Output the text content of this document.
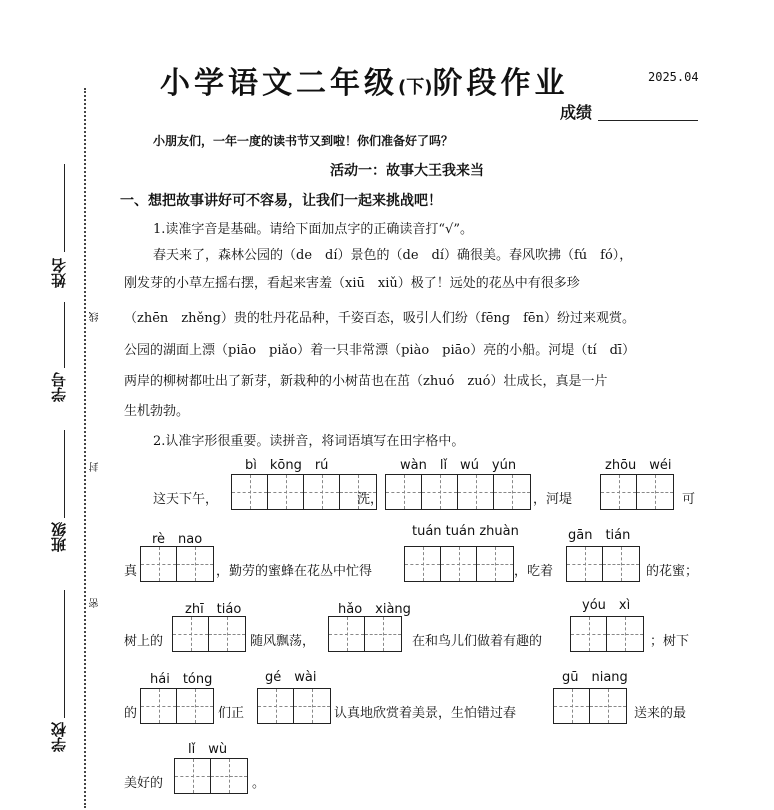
姓名
学号
班级
学校
线
封
密
小学语文二年级(下)阶段作业	2025.04
成绩
小朋友们，一年一度的读书节又到啦！你们准备好了吗？
活动一：故事大王我来当
一、想把故事讲好可不容易，让我们一起来挑战吧！
1.读准字音是基础。请给下面加点字的正确读音打“√”。
春天来了，森林公园的（de　dí）景色的（de　dí）确很美。春风吹拂（fú　fó），
刚发芽的小草左摇右摆，看起来害羞（xiū　xiǔ）极了！远处的花丛中有很多珍
（zhēn　zhěng）贵的牡丹花品种，千姿百态，吸引人们纷（fēng　fēn）纷过来观赏。
公园的湖面上漂（piāo　piǎo）着一只非常漂（piào　piāo）亮的小船。河堤（tí　dī）
两岸的柳树都吐出了新芽，新栽种的小树苗也在茁（zhuó　zuó）壮成长，真是一片
生机勃勃。
2.认准字形很重要。读拼音，将词语填写在田字格中。
bì　kōng　rú	wàn　lǐ　wú　yún	zhōu　wéi
这天下午，	洗，	，河堤	可
rè　nao
tuán tuán zhuàn	gān　tián
真	，勤劳的蜜蜂在花丛中忙得	，吃着	的花蜜；
zhī　tiáo	hǎo　xiàng	yóu　xì
树上的	随风飘荡，	在和鸟儿们做着有趣的	；树下
hái　tóng	gé　wài	gū　niang
的	们正	认真地欣赏着美景，生怕错过春	送来的最
lǐ　wù
美好的	。
